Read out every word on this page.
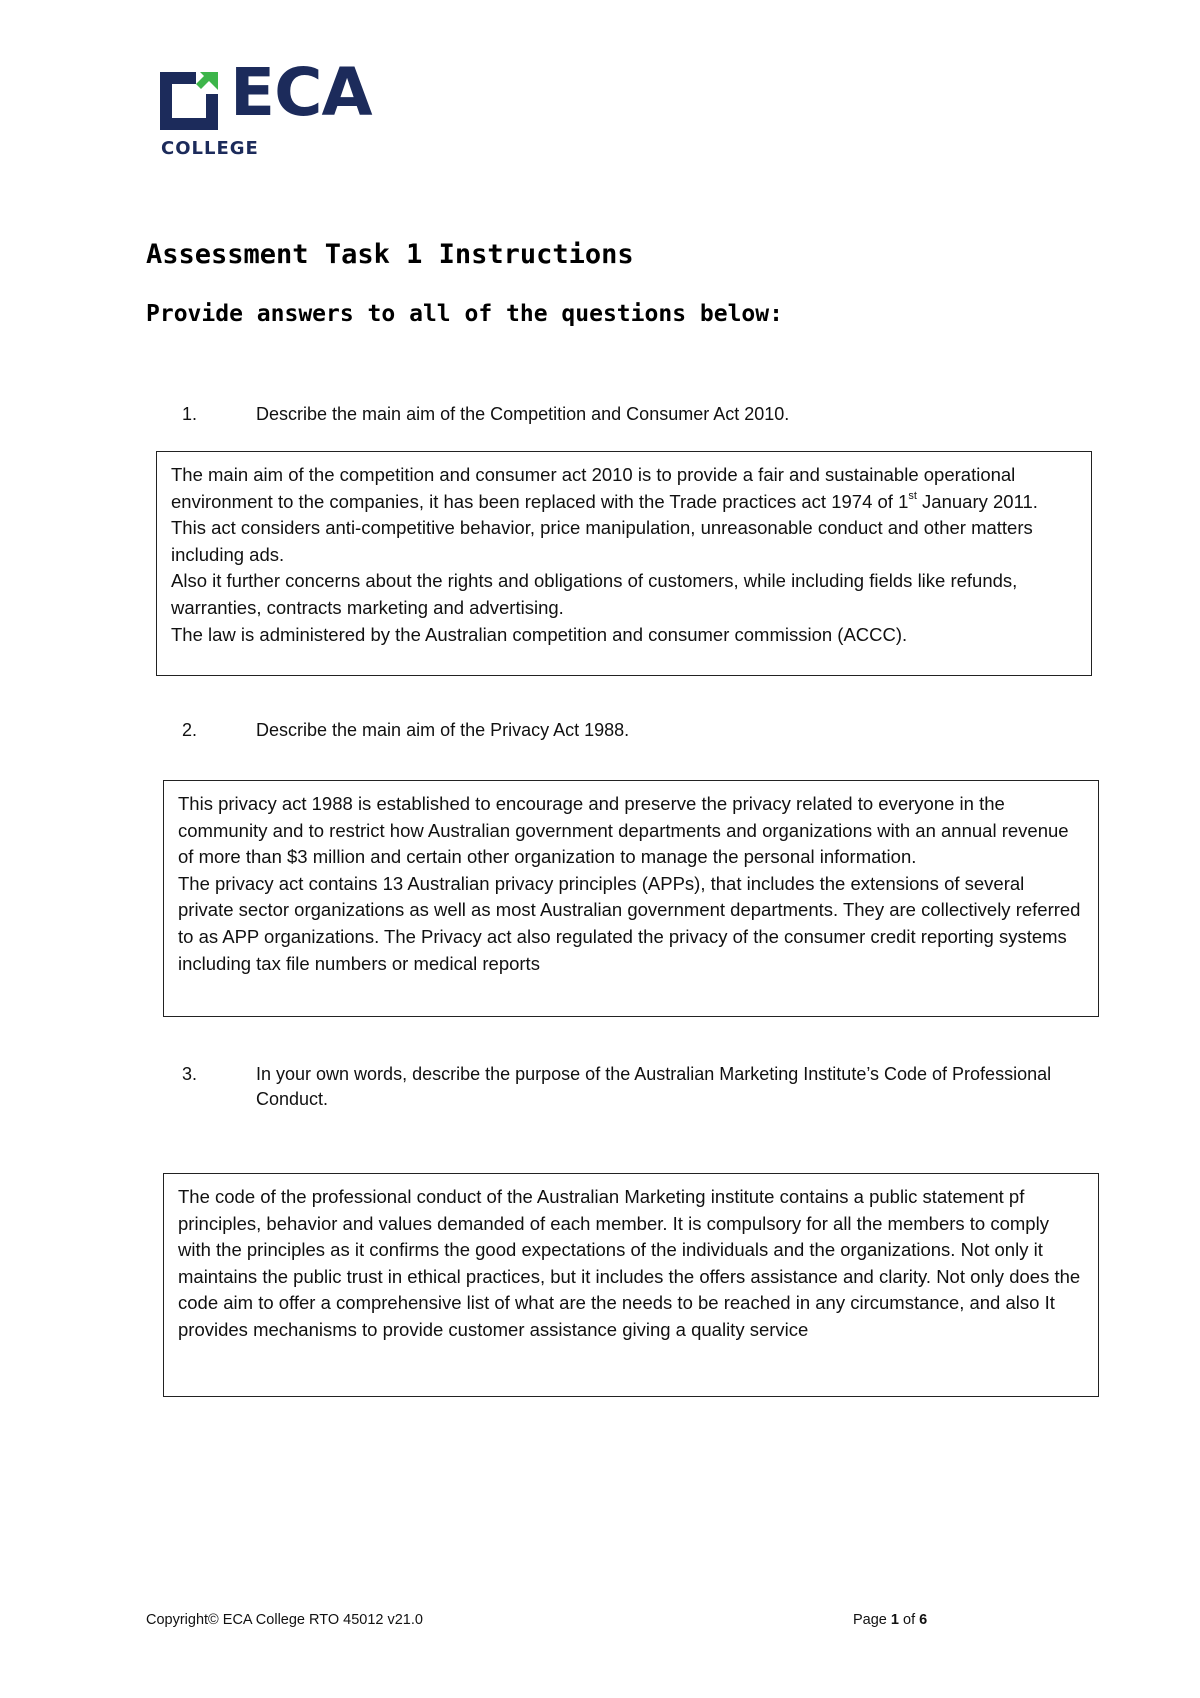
ECA
COLLEGE
Assessment Task 1 Instructions
Provide answers to all of the questions below:
1.	Describe the main aim of the Competition and Consumer Act 2010.

The main aim of the competition and consumer act 2010 is to provide a fair and sustainable operational environment to the companies, it has been replaced with the Trade practices act 1974 of 1st January 2011. This act considers anti-competitive behavior, price manipulation, unreasonable conduct and other matters including ads.

Also it further concerns about the rights and obligations of customers, while including fields like refunds, warranties, contracts marketing and advertising.

The law is administered by the Australian competition and consumer commission (ACCC).

2.	Describe the main aim of the Privacy Act 1988.

This privacy act 1988 is established to encourage and preserve the privacy related to everyone in the community and to restrict how Australian government departments and organizations with an annual revenue of more than $3 million and certain other organization to manage the personal information.

The privacy act contains 13 Australian privacy principles (APPs), that includes the extensions of several private sector organizations as well as most Australian government departments. They are collectively referred to as APP organizations. The Privacy act also regulated the privacy of the consumer credit reporting systems including tax file numbers or medical reports

3.	In your own words, describe the purpose of the Australian Marketing Institute’s Code of Professional Conduct.

The code of the professional conduct of the Australian Marketing institute contains a public statement pf principles, behavior and values demanded of each member. It is compulsory for all the members to comply with the principles as it confirms the good expectations of the individuals and the organizations. Not only it maintains the public trust in ethical practices, but it includes the offers assistance and clarity. Not only does the code aim to offer a comprehensive list of what are the needs to be reached in any circumstance, and also It provides mechanisms to provide customer assistance giving a quality service

Copyright© ECA College RTO 45012 v21.0	Page 1 of 6
